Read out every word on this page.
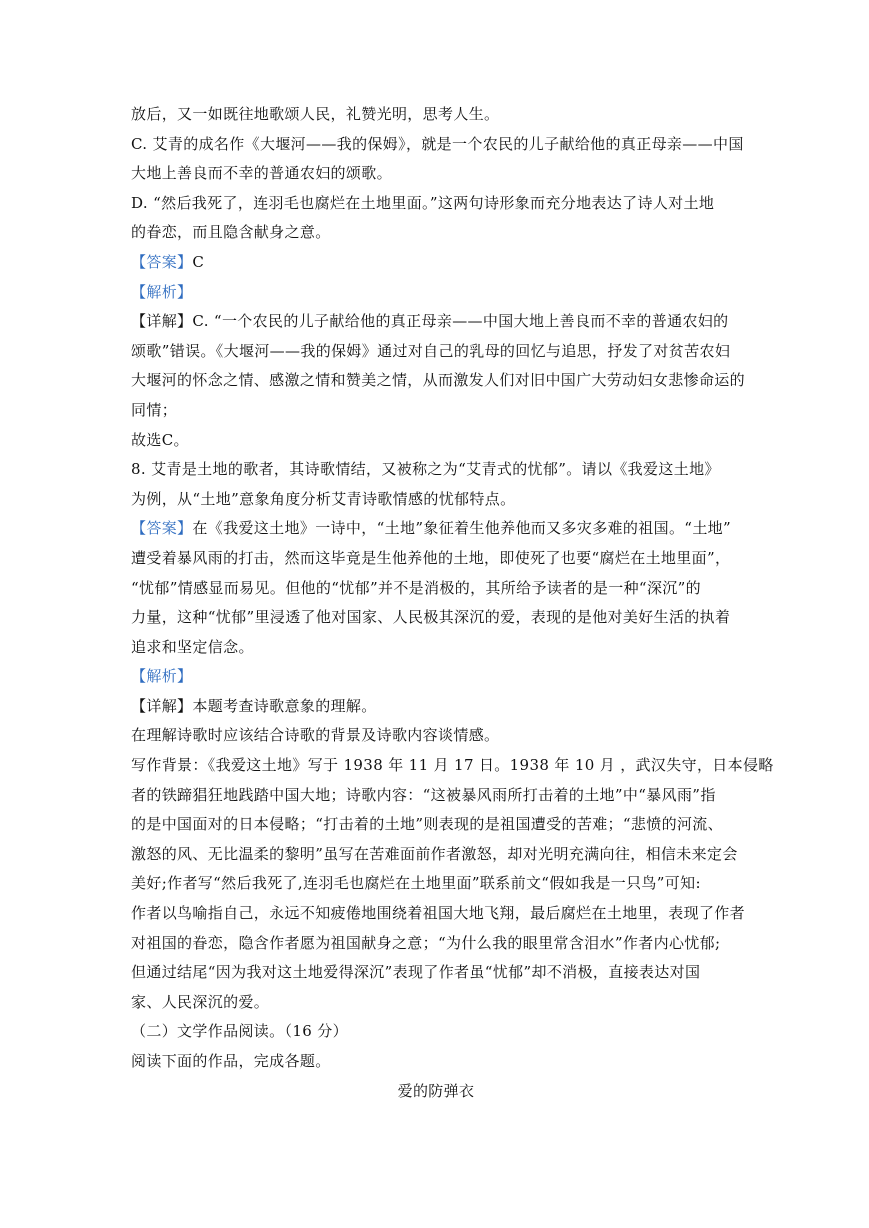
放后，又一如既往地歌颂人民，礼赞光明，思考人生。
C. 艾青的成名作《大堰河——我的保姆》，就是一个农民的儿子献给他的真正母亲——中国
大地上善良而不幸的普通农妇的颂歌。
D. “然后我死了，连羽毛也腐烂在土地里面。”这两句诗形象而充分地表达了诗人对土地
的眷恋，而且隐含献身之意。
【答案】C
【解析】
【详解】C. “一个农民的儿子献给他的真正母亲——中国大地上善良而不幸的普通农妇的
颂歌”错误。《大堰河——我的保姆》通过对自己的乳母的回忆与追思，抒发了对贫苦农妇
大堰河的怀念之情、感激之情和赞美之情，从而激发人们对旧中国广大劳动妇女悲惨命运的
同情；
故选C。
8. 艾青是土地的歌者，其诗歌情结，又被称之为“艾青式的忧郁”。请以《我爱这土地》
为例，从“土地”意象角度分析艾青诗歌情感的忧郁特点。
【答案】在《我爱这土地》一诗中，“土地”象征着生他养他而又多灾多难的祖国。“土地”
遭受着暴风雨的打击，然而这毕竟是生他养他的土地，即使死了也要“腐烂在土地里面”，
“忧郁”情感显而易见。但他的“忧郁”并不是消极的，其所给予读者的是一种“深沉”的
力量，这种“忧郁”里浸透了他对国家、人民极其深沉的爱，表现的是他对美好生活的执着
追求和坚定信念。
【解析】
【详解】本题考查诗歌意象的理解。
在理解诗歌时应该结合诗歌的背景及诗歌内容谈情感。
写作背景：《我爱这土地》写于 1938 年 11 月 17 日。1938 年 10 月 ，武汉失守，日本侵略
者的铁蹄猖狂地践踏中国大地；诗歌内容：“这被暴风雨所打击着的土地”中“暴风雨”指
的是中国面对的日本侵略；“打击着的土地”则表现的是祖国遭受的苦难；“悲愤的河流、
激怒的风、无比温柔的黎明”虽写在苦难面前作者激怒，却对光明充满向往，相信未来定会
美好;作者写“然后我死了,连羽毛也腐烂在土地里面”联系前文“假如我是一只鸟”可知:
作者以鸟喻指自己，永远不知疲倦地围绕着祖国大地飞翔，最后腐烂在土地里，表现了作者
对祖国的眷恋，隐含作者愿为祖国献身之意；“为什么我的眼里常含泪水”作者内心忧郁;
但通过结尾“因为我对这土地爱得深沉”表现了作者虽“忧郁”却不消极，直接表达对国
家、人民深沉的爱。
（二）文学作品阅读。（16 分）
阅读下面的作品，完成各题。
爱的防弹衣
